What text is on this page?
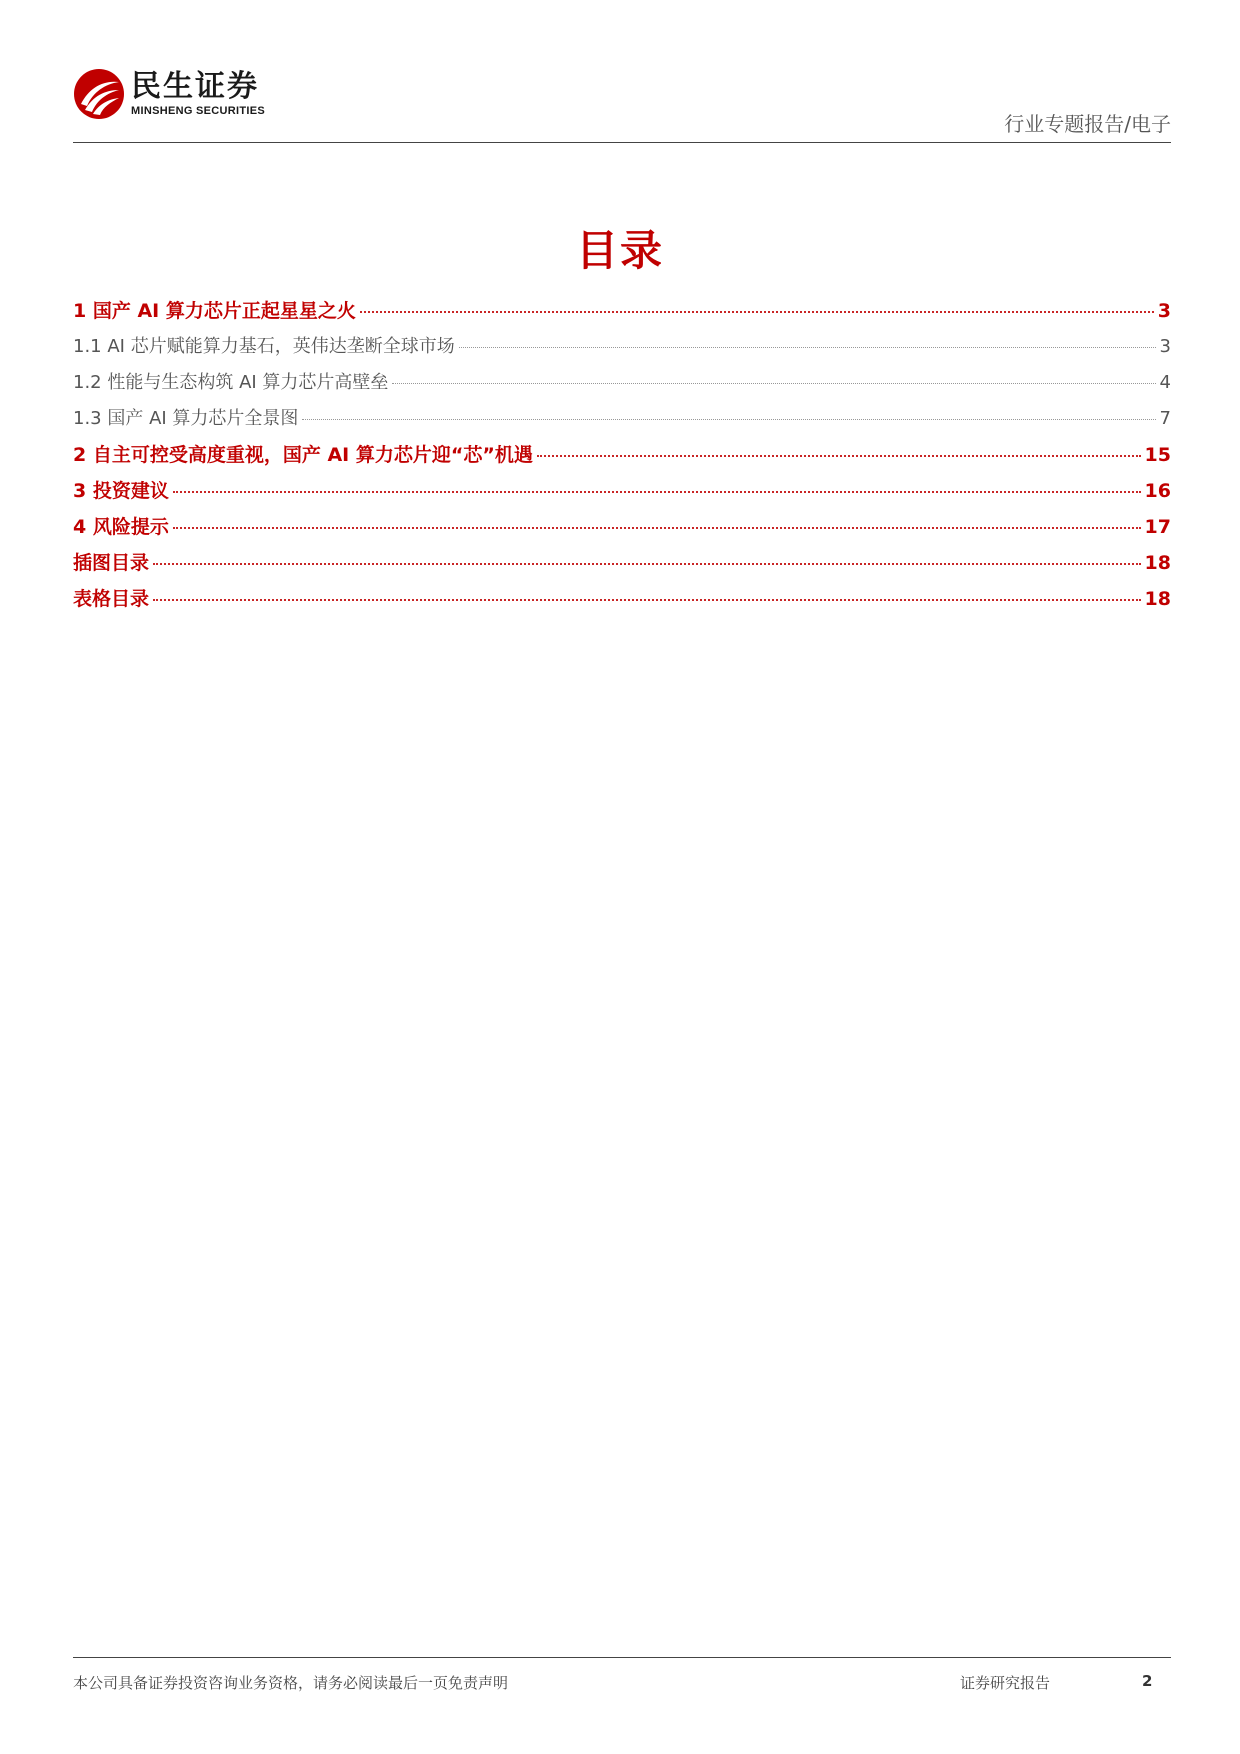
民生证券
MINSHENG SECURITIES
行业专题报告/电子
目录
1 国产 AI 算力芯片正起星星之火	3
1.1 AI 芯片赋能算力基石，英伟达垄断全球市场	3
1.2 性能与生态构筑 AI 算力芯片高壁垒	4
1.3 国产 AI 算力芯片全景图	7
2 自主可控受高度重视，国产 AI 算力芯片迎“芯”机遇	15
3 投资建议	16
4 风险提示	17
插图目录	18
表格目录	18
本公司具备证券投资咨询业务资格，请务必阅读最后一页免责声明	证券研究报告	2
